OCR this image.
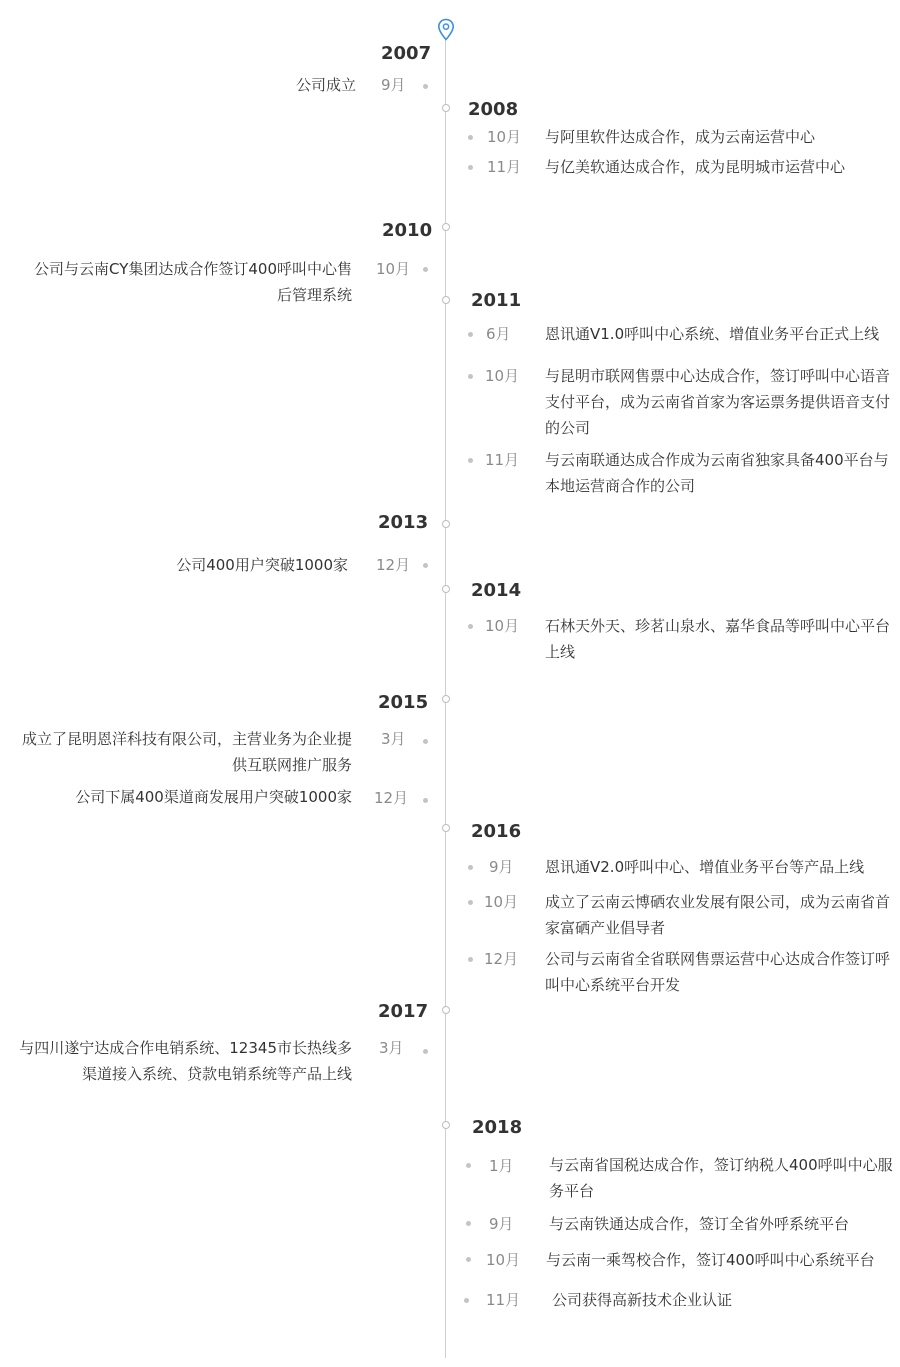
2007
9月
公司成立
2008
10月 与阿里软件达成合作，成为云南运营中心
11月 与亿美软通达成合作，成为昆明城市运营中心
2010
10月
公司与云南CY集团达成合作签订400呼叫中心售后管理系统	2011
6月 恩讯通V1.0呼叫中心系统、增值业务平台正式上线
10月 与昆明市联网售票中心达成合作，签订呼叫中心语音支付平台，成为云南省首家为客运票务提供语音支付的公司
11月 与云南联通达成合作成为云南省独家具备400平台与本地运营商合作的公司
2013
12月
公司400用户突破1000家
2014
10月 石林天外天、珍茗山泉水、嘉华食品等呼叫中心平台上线
2015
3月
成立了昆明恩洋科技有限公司，主营业务为企业提供互联网推广服务
12月
公司下属400渠道商发展用户突破1000家
2016
9月 恩讯通V2.0呼叫中心、增值业务平台等产品上线
10月 成立了云南云博硒农业发展有限公司，成为云南省首家富硒产业倡导者
12月 公司与云南省全省联网售票运营中心达成合作签订呼叫中心系统平台开发
2017
3月
与四川遂宁达成合作电销系统、12345市长热线多渠道接入系统、贷款电销系统等产品上线
2018
1月 与云南省国税达成合作，签订纳税人400呼叫中心服务平台
9月 与云南铁通达成合作，签订全省外呼系统平台
10月 与云南一乘驾校合作，签订400呼叫中心系统平台
11月 公司获得高新技术企业认证
